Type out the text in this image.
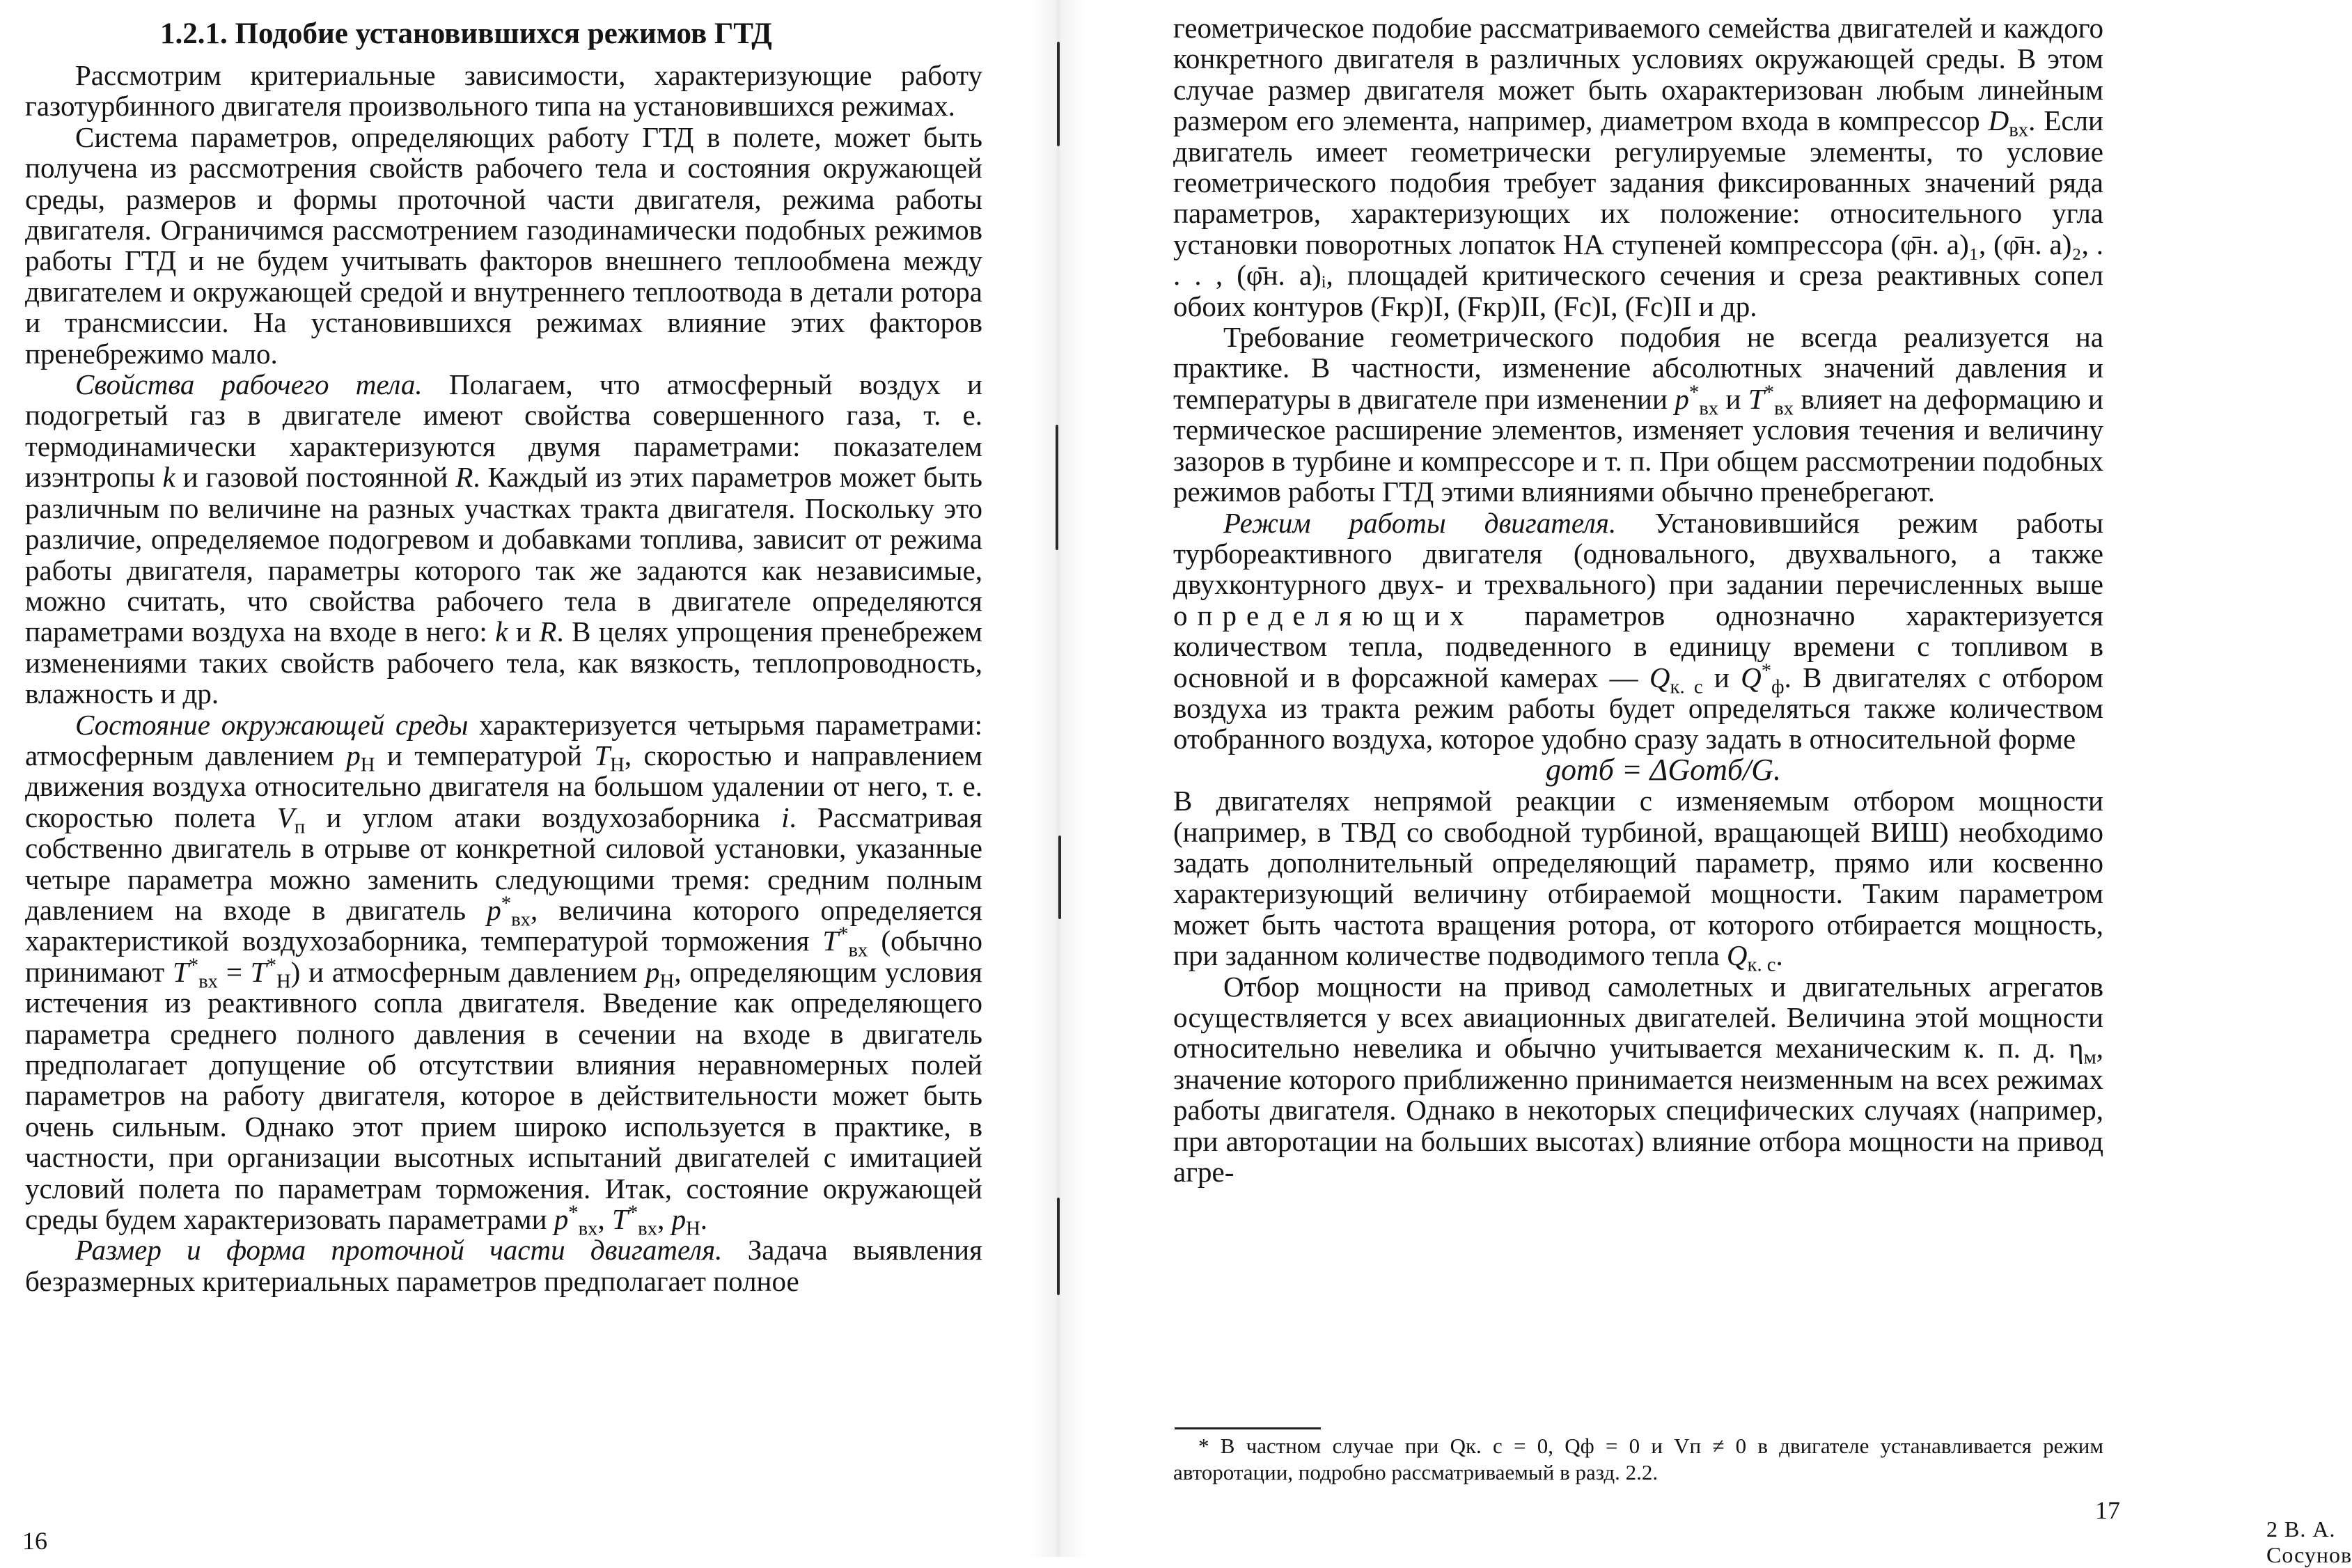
1.2.1. Подобие установившихся режимов ГТД

Рассмотрим критериальные зависимости, характеризующие работу газотурбинного двигателя произвольного типа на установившихся режимах.

Система параметров, определяющих работу ГТД в полете, может быть получена из рассмотрения свойств рабочего тела и состояния окружающей среды, размеров и формы проточной части двигателя, режима работы двигателя. Ограничимся рассмотрением газодинамически подобных режимов работы ГТД и не будем учитывать факторов внешнего теплообмена между двигателем и окружающей средой и внутреннего теплоотвода в детали ротора и трансмиссии. На установившихся режимах влияние этих факторов пренебрежимо мало.

Свойства рабочего тела. Полагаем, что атмосферный воздух и подогретый газ в двигателе имеют свойства совершенного газа, т. е. термодинамически характеризуются двумя параметрами: показателем изэнтропы k и газовой постоянной R. Каждый из этих параметров может быть различным по величине на разных участках тракта двигателя. Поскольку это различие, определяемое подогревом и добавками топлива, зависит от режима работы двигателя, параметры которого так же задаются как независимые, можно считать, что свойства рабочего тела в двигателе определяются параметрами воздуха на входе в него: k и R. В целях упрощения пренебрежем изменениями таких свойств рабочего тела, как вязкость, теплопроводность, влажность и др.

Состояние окружающей среды характеризуется четырьмя параметрами: атмосферным давлением $p_H$ и температурой $T_H$, скоростью и направлением движения воздуха относительно двигателя на большом удалении от него, т. е. скоростью полета $V_п$ и углом атаки воздухозаборника i. Рассматривая собственно двигатель в отрыве от конкретной силовой установки, указанные четыре параметра можно заменить следующими тремя: средним полным давлением на входе в двигатель $p^*_{вх}$, величина которого определяется характеристикой воздухозаборника, температурой торможения $T^*_{вх}$ (обычно принимают $T^*_{вх} = T^*_H$) и атмосферным давлением $p_H$, определяющим условия истечения из реактивного сопла двигателя. Введение как определяющего параметра среднего полного давления в сечении на входе в двигатель предполагает допущение об отсутствии влияния неравномерных полей параметров на работу двигателя, которое в действительности может быть очень сильным. Однако этот прием широко используется в практике, в частности, при организации высотных испытаний двигателей с имитацией условий полета по параметрам торможения. Итак, состояние окружающей среды будем характеризовать параметрами $p^*_{вх}$, $T^*_{вх}$, $p_H$.

Размер и форма проточной части двигателя. Задача выявления безразмерных критериальных параметров предполагает полное

16

геометрическое подобие рассматриваемого семейства двигателей и каждого конкретного двигателя в различных условиях окружающей среды. В этом случае размер двигателя может быть охарактеризован любым линейным размером его элемента, например, диаметром входа в компрессор $D_{вх}$. Если двигатель имеет геометрически регулируемые элементы, то условие геометрического подобия требует задания фиксированных значений ряда параметров, характеризующих их положение: относительного угла установки поворотных лопаток НА ступеней компрессора (φ̄н. а)₁, (φ̄н. а)₂, . . . , (φ̄н. а)ᵢ, площадей критического сечения и среза реактивных сопел обоих контуров (Fкр)I, (Fкр)II, (Fс)I, (Fс)II и др.

Требование геометрического подобия не всегда реализуется на практике. В частности, изменение абсолютных значений давления и температуры в двигателе при изменении $p^*_{вх}$ и $T^*_{вх}$ влияет на деформацию и термическое расширение элементов, изменяет условия течения и величину зазоров в турбине и компрессоре и т. п. При общем рассмотрении подобных режимов работы ГТД этими влияниями обычно пренебрегают.

Режим работы двигателя. Установившийся режим работы турбореактивного двигателя (одновального, двухвального, а также двухконтурного двух- и трехвального) при задании перечисленных выше определяющих параметров однозначно характеризуется количеством тепла, подведенного в единицу времени с топливом в основной и в форсажной камерах — $Q_{к. с}$ и $Q^*_ф$. В двигателях с отбором воздуха из тракта режим работы будет определяться также количеством отобранного воздуха, которое удобно сразу задать в относительной форме

gотб = ΔGотб/G.

В двигателях непрямой реакции с изменяемым отбором мощности (например, в ТВД со свободной турбиной, вращающей ВИШ) необходимо задать дополнительный определяющий параметр, прямо или косвенно характеризующий величину отбираемой мощности. Таким параметром может быть частота вращения ротора, от которого отбирается мощность, при заданном количестве подводимого тепла $Q_{к. с}$.

Отбор мощности на привод самолетных и двигательных агрегатов осуществляется у всех авиационных двигателей. Величина этой мощности относительно невелика и обычно учитывается механическим к. п. д. $\eta_м$, значение которого приближенно принимается неизменным на всех режимах работы двигателя. Однако в некоторых специфических случаях (например, при авторотации на больших высотах) влияние отбора мощности на привод агре-

* В частном случае при Qк. с = 0, Qф = 0 и Vп ≠ 0 в двигателе устанавливается режим авторотации, подробно рассматриваемый в разд. 2.2.

2 В. А. Сосунов
17
